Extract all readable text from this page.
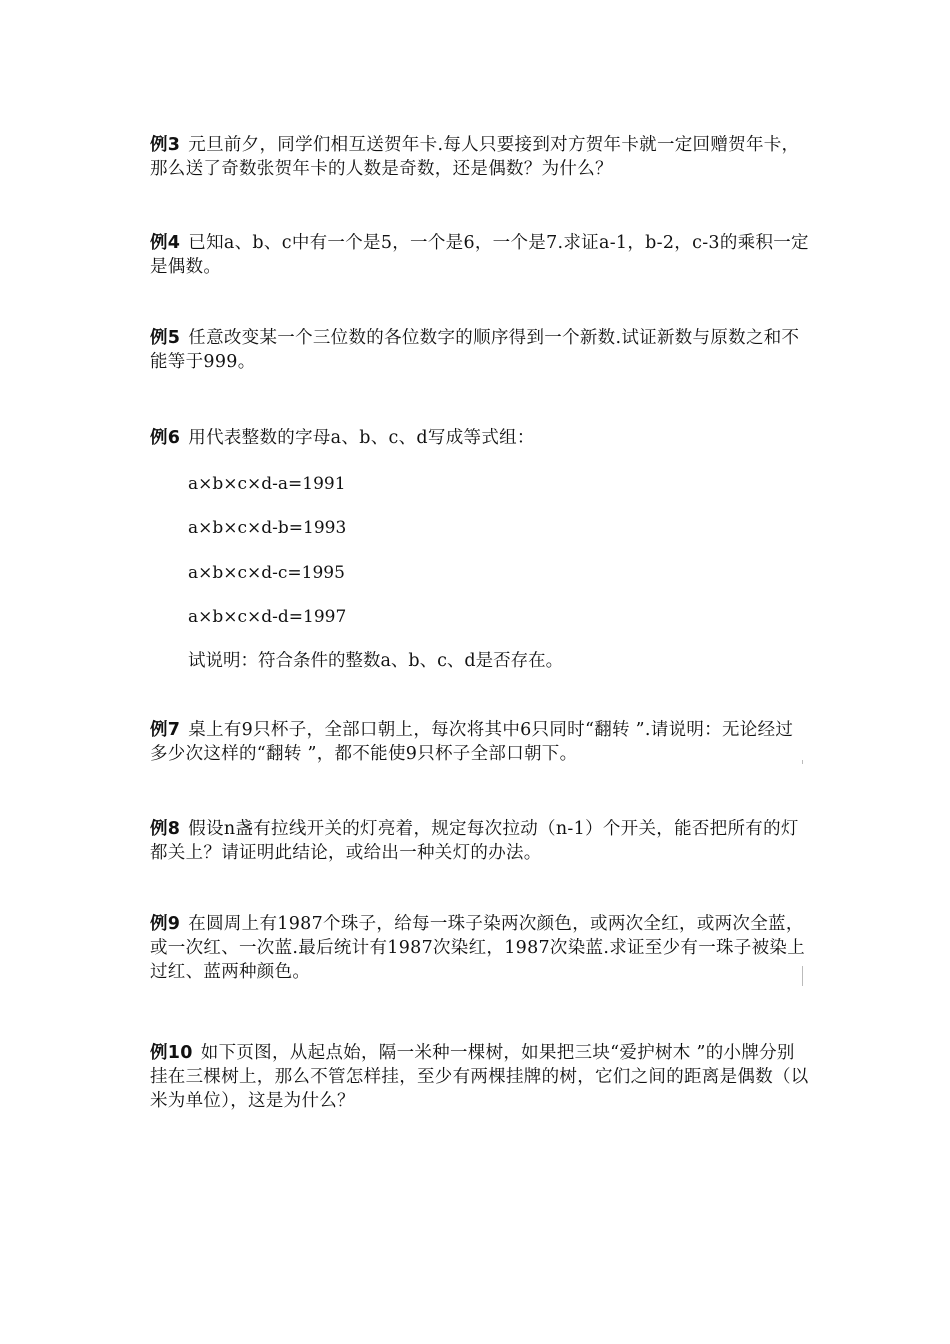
例3 元旦前夕，同学们相互送贺年卡.每人只要接到对方贺年卡就一定回赠贺年卡，那么送了奇数张贺年卡的人数是奇数，还是偶数？为什么？

例4 已知a、b、c中有一个是5，一个是6，一个是7.求证a-1，b-2，c-3的乘积一定是偶数。

例5 任意改变某一个三位数的各位数字的顺序得到一个新数.试证新数与原数之和不能等于999。

例6 用代表整数的字母a、b、c、d写成等式组：

a×b×c×d-a=1991

a×b×c×d-b=1993

a×b×c×d-c=1995

a×b×c×d-d=1997

试说明：符合条件的整数a、b、c、d是否存在。

例7 桌上有9只杯子，全部口朝上，每次将其中6只同时“翻转 ”.请说明：无论经过多少次这样的“翻转 ”，都不能使9只杯子全部口朝下。

例8 假设n盏有拉线开关的灯亮着，规定每次拉动（n-1）个开关，能否把所有的灯都关上？请证明此结论，或给出一种关灯的办法。

例9 在圆周上有1987个珠子，给每一珠子染两次颜色，或两次全红，或两次全蓝，或一次红、一次蓝.最后统计有1987次染红，1987次染蓝.求证至少有一珠子被染上过红、蓝两种颜色。

例10 如下页图，从起点始，隔一米种一棵树，如果把三块“爱护树木 ”的小牌分别挂在三棵树上，那么不管怎样挂，至少有两棵挂牌的树，它们之间的距离是偶数（以米为单位），这是为什么？
